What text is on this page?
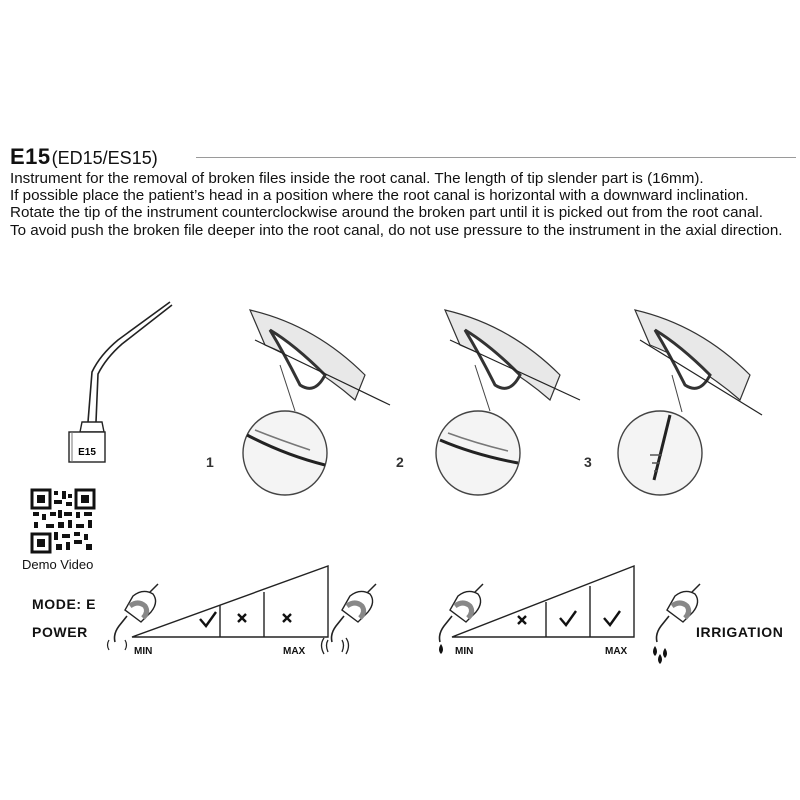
E15 (ED15/ES15)

Instrument for the removal of broken files inside the root canal. The length of tip slender part is (16mm).

If possible place the patient’s head in a position where the root canal is horizontal with a downward inclination. Rotate the tip of the instrument counterclockwise around the broken part until it is picked out from the root canal.

To avoid push the broken file deeper into the root canal, do not use pressure to the instrument in the axial direction.

E15
1	2	3
Demo Video
MODE: E
POWER
MIN	MAX	MIN	MAX
IRRIGATION
